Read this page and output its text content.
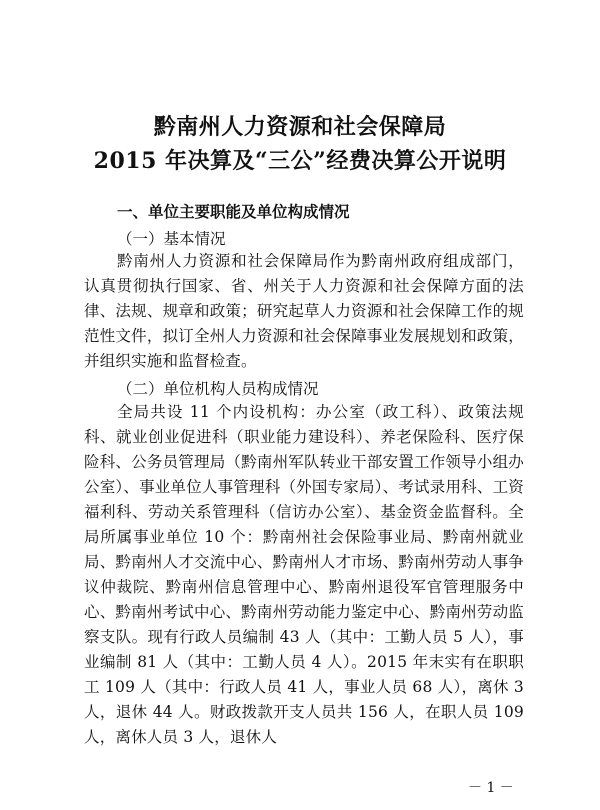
黔南州人力资源和社会保障局
2015 年决算及“三公”经费决算公开说明
一、单位主要职能及单位构成情况
（一）基本情况

黔南州人力资源和社会保障局作为黔南州政府组成部门，认真贯彻执行国家、省、州关于人力资源和社会保障方面的法律、法规、规章和政策；研究起草人力资源和社会保障工作的规范性文件，拟订全州人力资源和社会保障事业发展规划和政策，并组织实施和监督检查。

（二）单位机构人员构成情况

全局共设 11 个内设机构：办公室（政工科）、政策法规科、就业创业促进科（职业能力建设科）、养老保险科、医疗保险科、公务员管理局（黔南州军队转业干部安置工作领导小组办公室）、事业单位人事管理科（外国专家局）、考试录用科、工资福利科、劳动关系管理科（信访办公室）、基金资金监督科。全局所属事业单位 10 个：黔南州社会保险事业局、黔南州就业局、黔南州人才交流中心、黔南州人才市场、黔南州劳动人事争议仲裁院、黔南州信息管理中心、黔南州退役军官管理服务中心、黔南州考试中心、黔南州劳动能力鉴定中心、黔南州劳动监察支队。现有行政人员编制 43 人（其中：工勤人员 5 人），事业编制 81 人（其中：工勤人员 4 人）。2015 年末实有在职职工 109 人（其中：行政人员 41 人，事业人员 68 人），离休 3 人，退休 44 人。财政拨款开支人员共 156 人，在职人员 109 人，离休人员 3 人，退休人

－ 1 －
